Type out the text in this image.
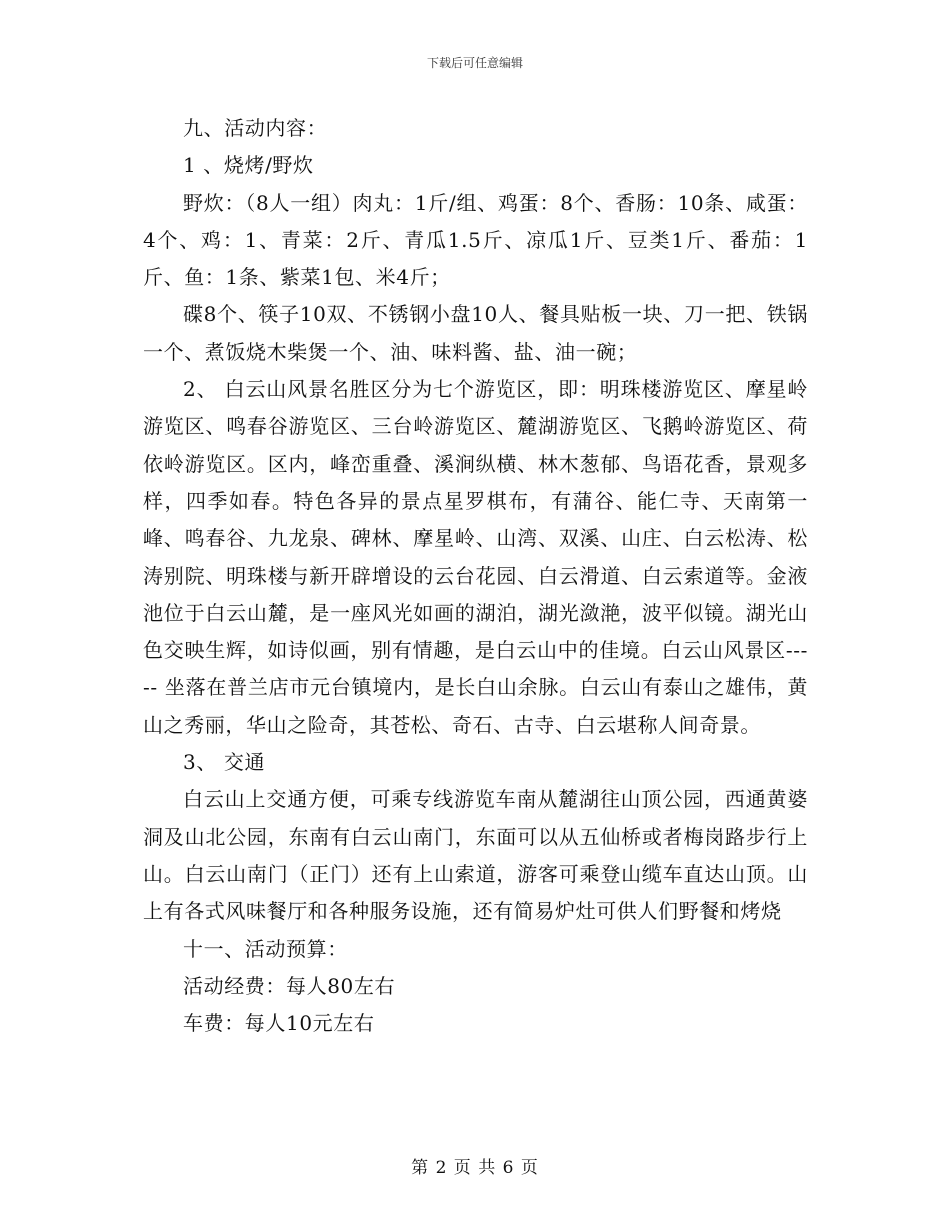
下载后可任意编辑

九、活动内容：

1 、烧烤/野炊

野炊：（8人一组）肉丸：1斤/组、鸡蛋：8个、香肠：10条、咸蛋：4个、鸡：1、青菜：2斤、青瓜1.5斤、凉瓜1斤、豆类1斤、番茄：1斤、鱼：1条、紫菜1包、米4斤；

碟8个、筷子10双、不锈钢小盘10人、餐具贴板一块、刀一把、铁锅一个、煮饭烧木柴煲一个、油、味料酱、盐、油一碗；

2、 白云山风景名胜区分为七个游览区，即：明珠楼游览区、摩星岭游览区、鸣春谷游览区、三台岭游览区、麓湖游览区、飞鹅岭游览区、荷依岭游览区。区内，峰峦重叠、溪涧纵横、林木葱郁、鸟语花香，景观多样，四季如春。特色各异的景点星罗棋布，有蒲谷、能仁寺、天南第一峰、鸣春谷、九龙泉、碑林、摩星岭、山湾、双溪、山庄、白云松涛、松涛别院、明珠楼与新开辟增设的云台花园、白云滑道、白云索道等。金液池位于白云山麓，是一座风光如画的湖泊，湖光潋滟，波平似镜。湖光山色交映生辉，如诗似画，别有情趣，是白云山中的佳境。白云山风景区----- 坐落在普兰店市元台镇境内，是长白山余脉。白云山有泰山之雄伟，黄山之秀丽，华山之险奇，其苍松、奇石、古寺、白云堪称人间奇景。

3、 交通

白云山上交通方便，可乘专线游览车南从麓湖往山顶公园，西通黄婆洞及山北公园，东南有白云山南门，东面可以从五仙桥或者梅岗路步行上山。白云山南门（正门）还有上山索道，游客可乘登山缆车直达山顶。山上有各式风味餐厅和各种服务设施，还有简易炉灶可供人们野餐和烤烧

十一、活动预算：

活动经费：每人80左右

车费：每人10元左右

第 2 页 共 6 页
